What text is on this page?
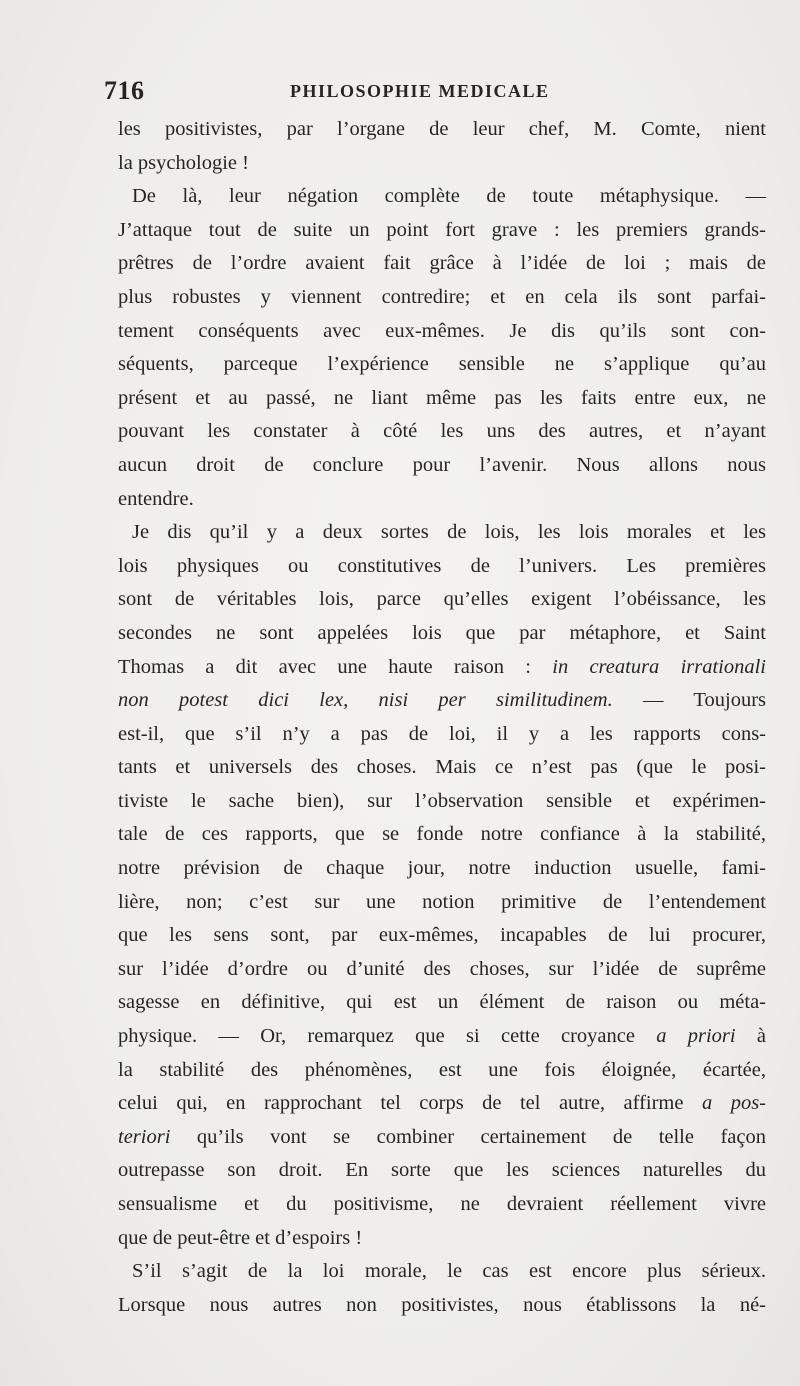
716	PHILOSOPHIE MEDICALE
les positivistes, par l’organe de leur chef, M. Comte, nient
la psychologie !
De là, leur négation complète de toute métaphysique. —
J’attaque tout de suite un point fort grave : les premiers grands-
prêtres de l’ordre avaient fait grâce à l’idée de loi ; mais de
plus robustes y viennent contredire; et en cela ils sont parfai-
tement conséquents avec eux-mêmes. Je dis qu’ils sont con-
séquents, parceque l’expérience sensible ne s’applique qu’au
présent et au passé, ne liant même pas les faits entre eux, ne
pouvant les constater à côté les uns des autres, et n’ayant
aucun droit de conclure pour l’avenir. Nous allons nous
entendre.
Je dis qu’il y a deux sortes de lois, les lois morales et les
lois physiques ou constitutives de l’univers. Les premières
sont de véritables lois, parce qu’elles exigent l’obéissance, les
secondes ne sont appelées lois que par métaphore, et Saint
Thomas a dit avec une haute raison : in creatura irrationali
non potest dici lex, nisi per similitudinem. — Toujours
est-il, que s’il n’y a pas de loi, il y a les rapports cons-
tants et universels des choses. Mais ce n’est pas (que le posi-
tiviste le sache bien), sur l’observation sensible et expérimen-
tale de ces rapports, que se fonde notre confiance à la stabilité,
notre prévision de chaque jour, notre induction usuelle, fami-
lière, non; c’est sur une notion primitive de l’entendement
que les sens sont, par eux-mêmes, incapables de lui procurer,
sur l’idée d’ordre ou d’unité des choses, sur l’idée de suprême
sagesse en définitive, qui est un élément de raison ou méta-
physique. — Or, remarquez que si cette croyance a priori à
la stabilité des phénomènes, est une fois éloignée, écartée,
celui qui, en rapprochant tel corps de tel autre, affirme a pos-
teriori qu’ils vont se combiner certainement de telle façon
outrepasse son droit. En sorte que les sciences naturelles du
sensualisme et du positivisme, ne devraient réellement vivre
que de peut-être et d’espoirs !
S’il s’agit de la loi morale, le cas est encore plus sérieux.
Lorsque nous autres non positivistes, nous établissons la né-
